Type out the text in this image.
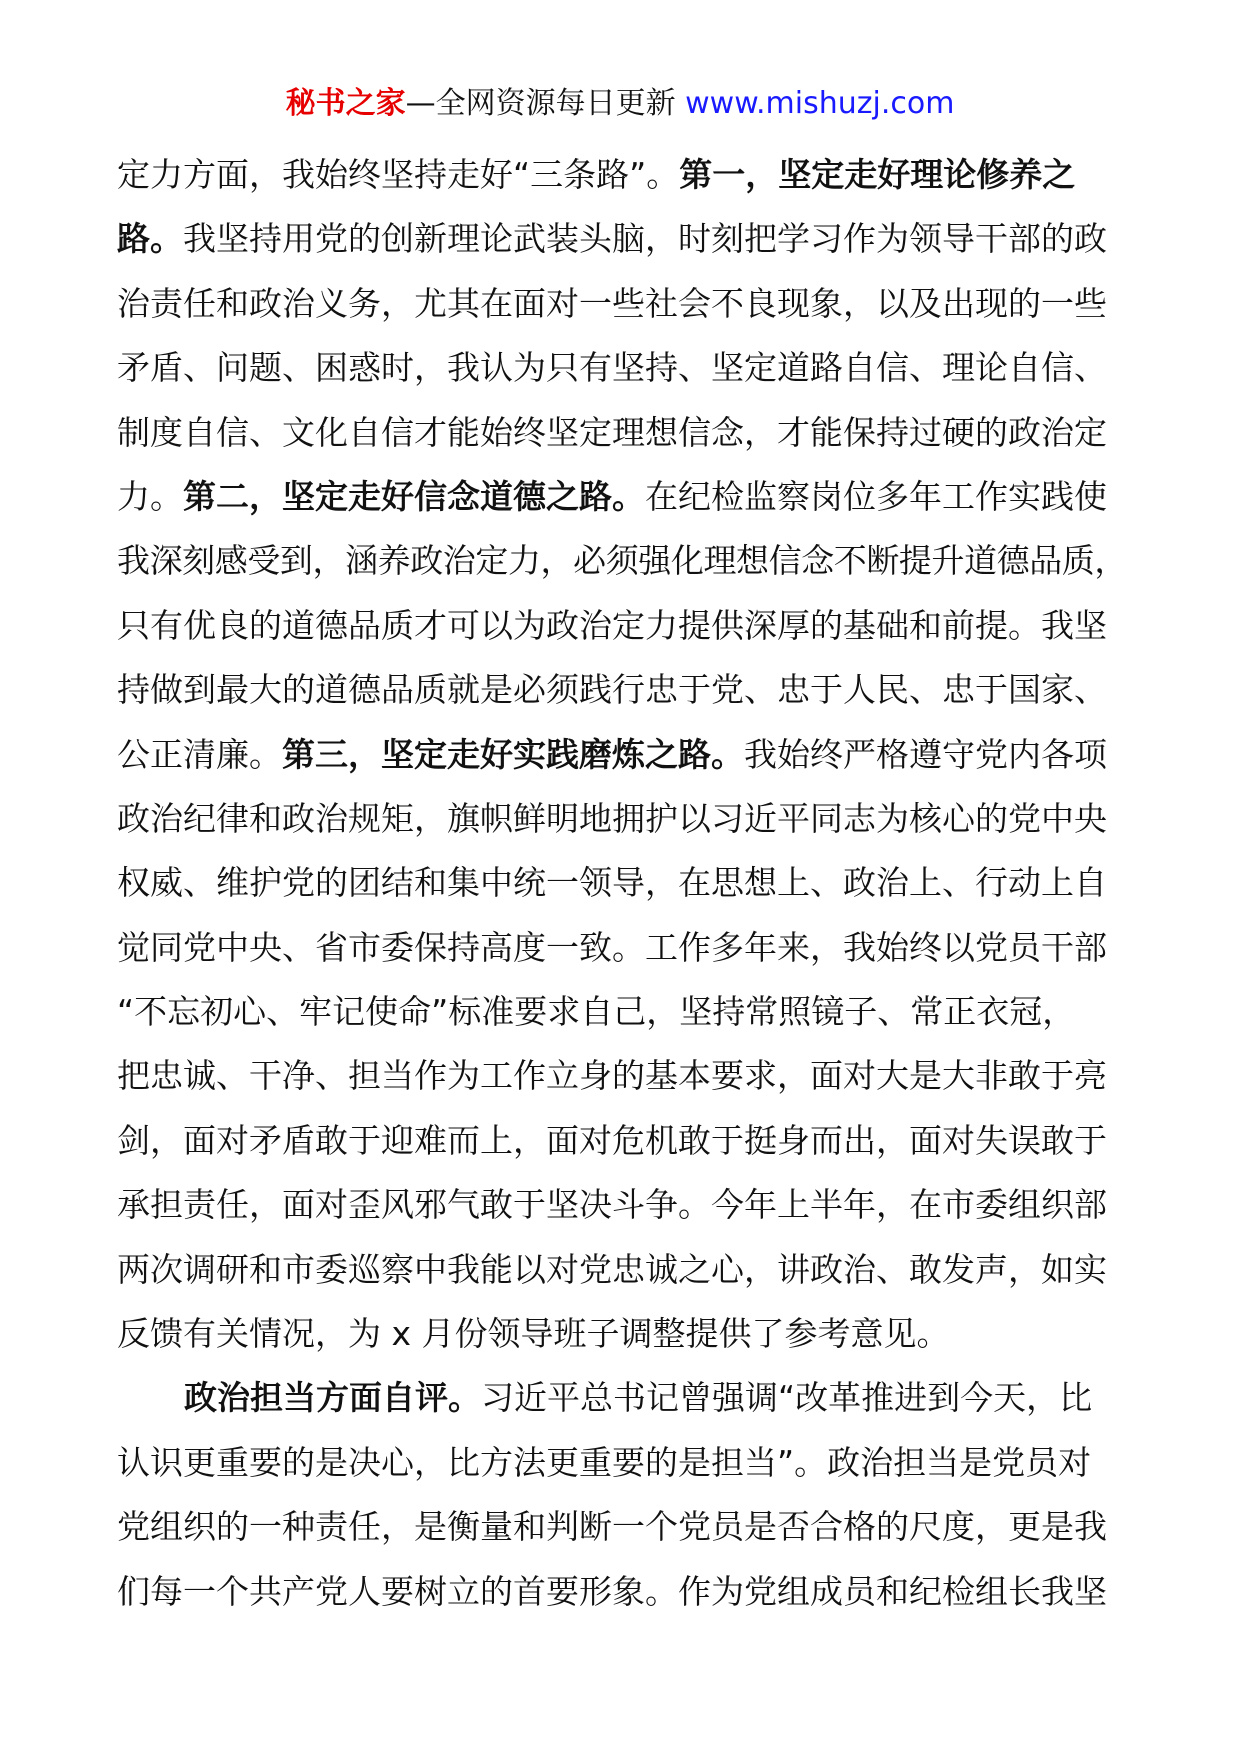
秘书之家—全网资源每日更新 www.mishuzj.com
定力方面，我始终坚持走好“三条路”。第一，坚定走好理论修养之
路。我坚持用党的创新理论武装头脑，时刻把学习作为领导干部的政
治责任和政治义务，尤其在面对一些社会不良现象，以及出现的一些
矛盾、问题、困惑时，我认为只有坚持、坚定道路自信、理论自信、
制度自信、文化自信才能始终坚定理想信念，才能保持过硬的政治定
力。第二，坚定走好信念道德之路。在纪检监察岗位多年工作实践使
我深刻感受到，涵养政治定力，必须强化理想信念不断提升道德品质，
只有优良的道德品质才可以为政治定力提供深厚的基础和前提。我坚
持做到最大的道德品质就是必须践行忠于党、忠于人民、忠于国家、
公正清廉。第三，坚定走好实践磨炼之路。我始终严格遵守党内各项
政治纪律和政治规矩，旗帜鲜明地拥护以习近平同志为核心的党中央
权威、维护党的团结和集中统一领导，在思想上、政治上、行动上自
觉同党中央、省市委保持高度一致。工作多年来，我始终以党员干部
“不忘初心、牢记使命”标准要求自己，坚持常照镜子、常正衣冠，
把忠诚、干净、担当作为工作立身的基本要求，面对大是大非敢于亮
剑，面对矛盾敢于迎难而上，面对危机敢于挺身而出，面对失误敢于
承担责任，面对歪风邪气敢于坚决斗争。今年上半年，在市委组织部
两次调研和市委巡察中我能以对党忠诚之心，讲政治、敢发声，如实
反馈有关情况，为 x 月份领导班子调整提供了参考意见。
政治担当方面自评。习近平总书记曾强调“改革推进到今天，比
认识更重要的是决心，比方法更重要的是担当”。政治担当是党员对
党组织的一种责任，是衡量和判断一个党员是否合格的尺度，更是我
们每一个共产党人要树立的首要形象。作为党组成员和纪检组长我坚
